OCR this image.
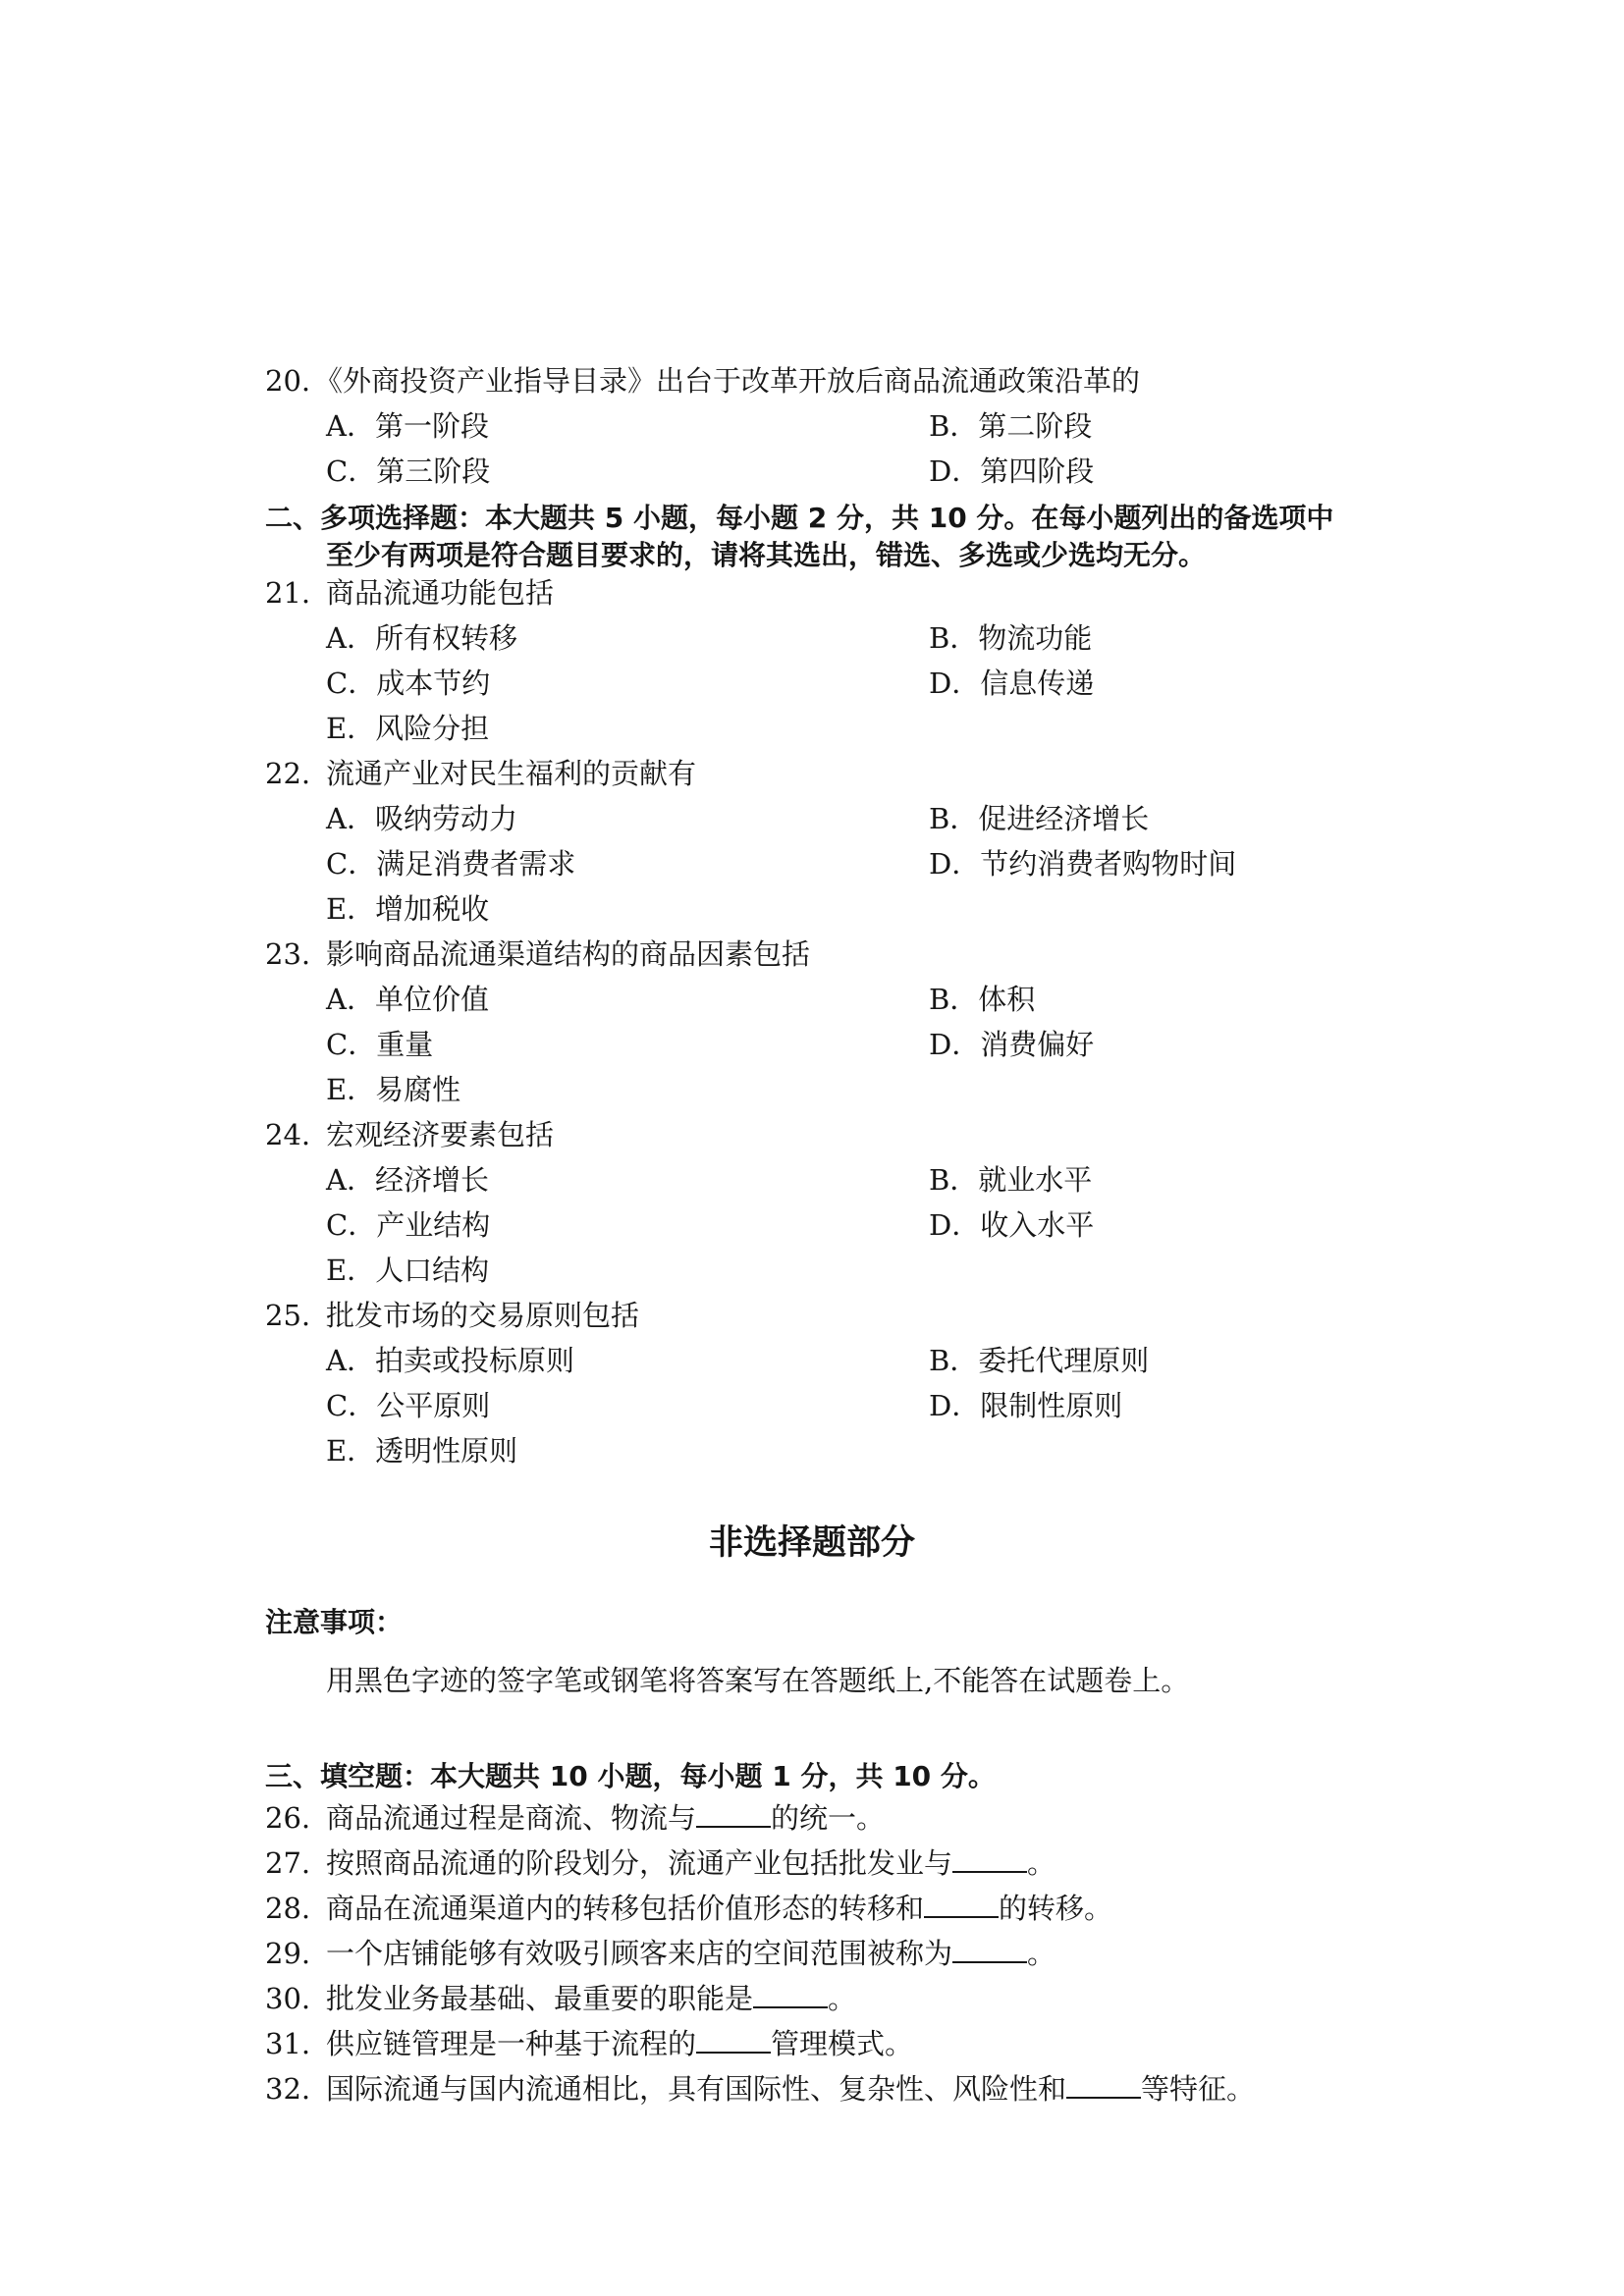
20. 《外商投资产业指导目录》出台于改革开放后商品流通政策沿革的
A．第一阶段	B．第二阶段
C．第三阶段	D．第四阶段
二、多项选择题：本大题共 5 小题，每小题 2 分，共 10 分。在每小题列出的备选项中
至少有两项是符合题目要求的，请将其选出，错选、多选或少选均无分。
21. 商品流通功能包括
A．所有权转移	B．物流功能
C．成本节约	D．信息传递
E．风险分担
22. 流通产业对民生福利的贡献有
A．吸纳劳动力	B．促进经济增长
C．满足消费者需求	D．节约消费者购物时间
E．增加税收
23. 影响商品流通渠道结构的商品因素包括
A．单位价值	B．体积
C．重量	D．消费偏好
E．易腐性
24. 宏观经济要素包括
A．经济增长	B．就业水平
C．产业结构	D．收入水平
E．人口结构
25. 批发市场的交易原则包括
A．拍卖或投标原则	B．委托代理原则
C．公平原则	D．限制性原则
E．透明性原则
非选择题部分
注意事项：
用黑色字迹的签字笔或钢笔将答案写在答题纸上,不能答在试题卷上。
三、填空题：本大题共 10 小题，每小题 1 分，共 10 分。
26. 商品流通过程是商流、物流与	的统一。
27. 按照商品流通的阶段划分，流通产业包括批发业与	。
28. 商品在流通渠道内的转移包括价值形态的转移和	的转移。
29. 一个店铺能够有效吸引顾客来店的空间范围被称为	。
30. 批发业务最基础、最重要的职能是	。
31. 供应链管理是一种基于流程的	管理模式。
32. 国际流通与国内流通相比，具有国际性、复杂性、风险性和	等特征。
